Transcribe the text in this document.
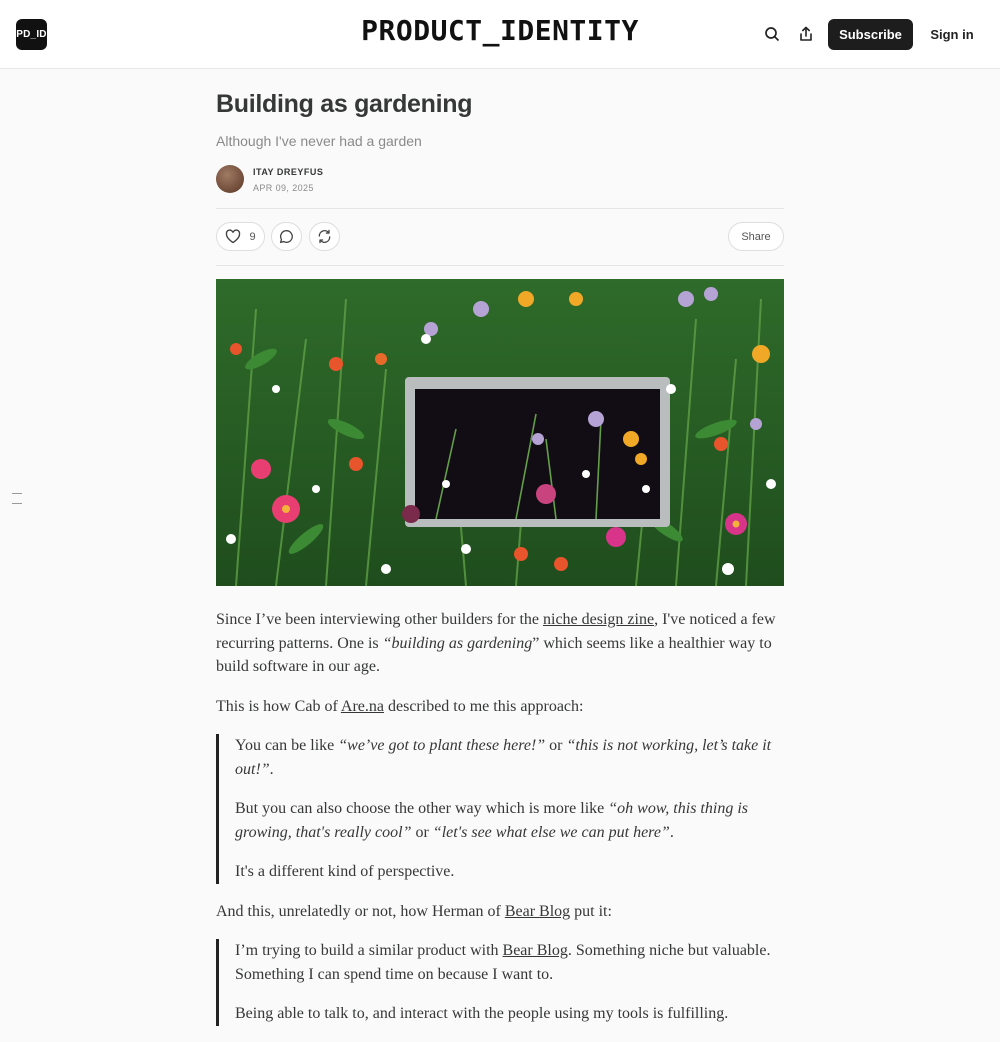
PD_ID	PRODUCT_IDENTITY	Subscribe	Sign in
Building as gardening
Although I've never had a garden
ITAY DREYFUS
APR 09, 2025
9	Share

Since I’ve been interviewing other builders for the niche design zine, I've noticed a few recurring patterns. One is “building as gardening” which seems like a healthier way to build software in our age.

This is how Cab of Are.na described to me this approach:

You can be like “we’ve got to plant these here!” or “this is not working, let’s take it out!”.

But you can also choose the other way which is more like “oh wow, this thing is growing, that's really cool” or “let's see what else we can put here”.

It's a different kind of perspective.

And this, unrelatedly or not, how Herman of Bear Blog put it:

I’m trying to build a similar product with Bear Blog. Something niche but valuable. Something I can spend time on because I want to.

Being able to talk to, and interact with the people using my tools is fulfilling.
